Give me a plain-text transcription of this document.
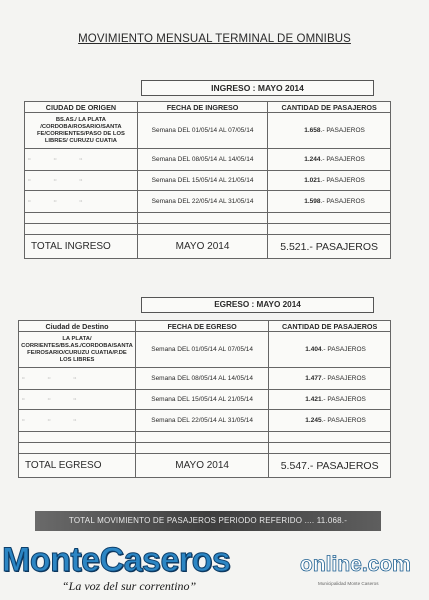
MOVIMIENTO MENSUAL TERMINAL DE OMNIBUS
INGRESO : MAYO 2014
CIUDAD DE ORIGEN	FECHA DE INGRESO	CANTIDAD DE PASAJEROS
BS.AS./ LA PLATA /CORDOBA/ROSARIO/SANTA FE/CORRIENTES/PASO DE LOS LIBRES/ CURUZU CUATIA	Semana DEL 01/05/14 AL 07/05/14	1.658.- PASAJEROS
““ ““ ““	Semana DEL 08/05/14 AL 14/05/14	1.244.- PASAJEROS
““ ““ ““	Semana DEL 15/05/14 AL 21/05/14	1.021.- PASAJEROS
““ ““ ““	Semana DEL 22/05/14 AL 31/05/14	1.598.- PASAJEROS

TOTAL INGRESO	MAYO 2014	5.521.- PASAJEROS
EGRESO : MAYO 2014
Ciudad de Destino	FECHA DE EGRESO	CANTIDAD DE PASAJEROS
LA PLATA/ CORRIENTES/BS.AS./CORDOBA/SANTA FE/ROSARIO/CURUZU CUATIA/P.DE LOS LIBRES	Semana DEL 01/05/14 AL 07/05/14	1.404.- PASAJEROS
““ ““ ““	Semana DEL 08/05/14 AL 14/05/14	1.477.- PASAJEROS
““ ““ ““	Semana DEL 15/05/14 AL 21/05/14	1.421.- PASAJEROS
““ ““ ““	Semana DEL 22/05/14 AL 31/05/14	1.245.- PASAJEROS

TOTAL EGRESO	MAYO 2014	5.547.- PASAJEROS
TOTAL MOVIMIENTO DE PASAJEROS PERIODO REFERIDO .... 11.068.-
MonteCaseros	online.com
“La voz del sur correntino”	Municipalidad Monte Caseros
